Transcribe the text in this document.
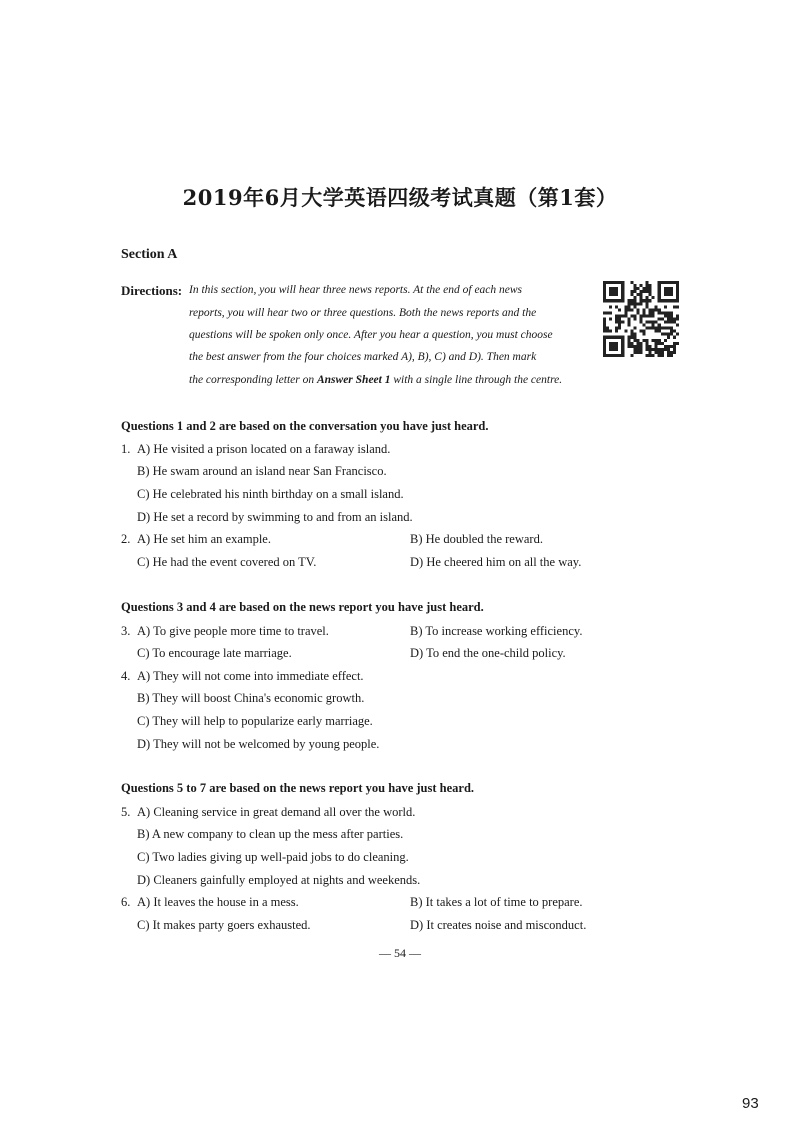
2019年6月大学英语四级考试真题（第1套）
Section A
Directions: In this section, you will hear three news reports. At the end of each news
reports, you will hear two or three questions. Both the news reports and the
questions will be spoken only once. After you hear a question, you must choose
the best answer from the four choices marked A), B), C) and D). Then mark
the corresponding letter on Answer Sheet 1 with a single line through the centre.
Questions 1 and 2 are based on the conversation you have just heard.
1. A) He visited a prison located on a faraway island.
B) He swam around an island near San Francisco.
C) He celebrated his ninth birthday on a small island.
D) He set a record by swimming to and from an island.
2. A) He set him an example.	B) He doubled the reward.
C) He had the event covered on TV.	D) He cheered him on all the way.
Questions 3 and 4 are based on the news report you have just heard.
3. A) To give people more time to travel.	B) To increase working efficiency.
C) To encourage late marriage.	D) To end the one-child policy.
4. A) They will not come into immediate effect.
B) They will boost China's economic growth.
C) They will help to popularize early marriage.
D) They will not be welcomed by young people.
Questions 5 to 7 are based on the news report you have just heard.
5. A) Cleaning service in great demand all over the world.
B) A new company to clean up the mess after parties.
C) Two ladies giving up well-paid jobs to do cleaning.
D) Cleaners gainfully employed at nights and weekends.
6. A) It leaves the house in a mess.	B) It takes a lot of time to prepare.
C) It makes party goers exhausted.	D) It creates noise and misconduct.
— 54 —
93
